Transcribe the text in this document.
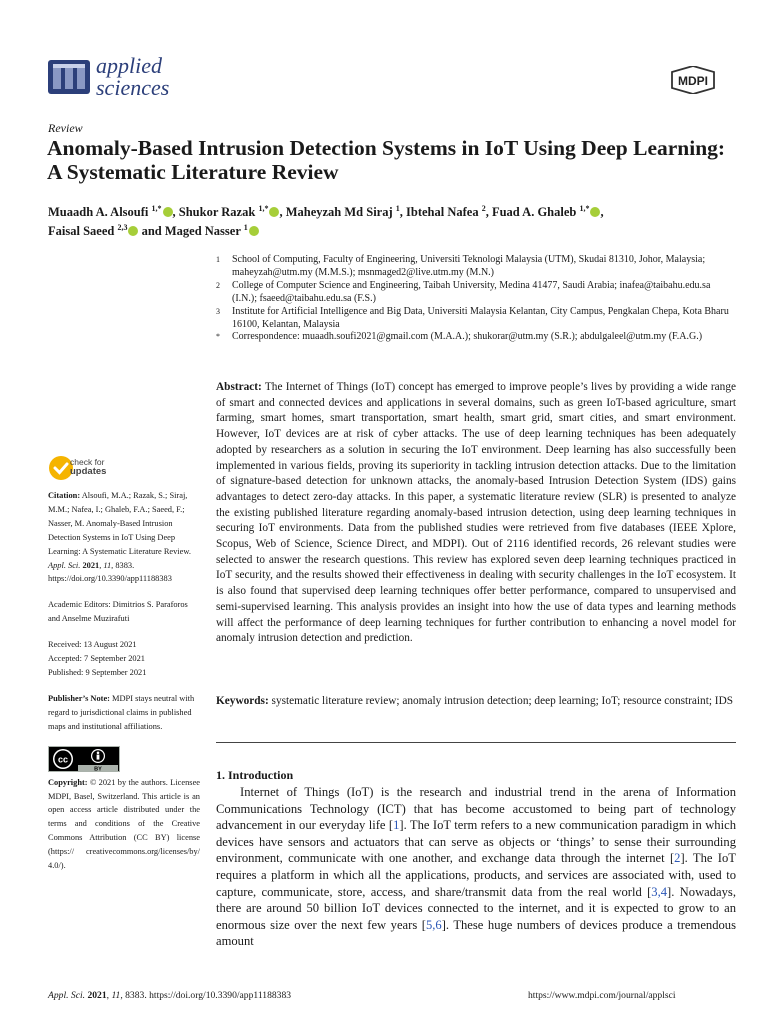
applied
sciences	MDPI
Review
Anomaly-Based Intrusion Detection Systems in IoT Using Deep Learning: A Systematic Literature Review
Muaadh A. Alsoufi $^{1,*}$ , Shukor Razak $^{1,*}$ , Maheyzah Md Siraj $^1$, Ibtehal Nafea $^2$, Fuad A. Ghaleb $^{1,*}$ ,
Faisal Saeed $^{2,3}$ and Maged Nasser $^1$
1	School of Computing, Faculty of Engineering, Universiti Teknologi Malaysia (UTM), Skudai 81310, Johor, Malaysia; maheyzah@utm.my (M.M.S.); msnmaged2@live.utm.my (M.N.)
2	College of Computer Science and Engineering, Taibah University, Medina 41477, Saudi Arabia; inafea@taibahu.edu.sa (I.N.); fsaeed@taibahu.edu.sa (F.S.)
3	Institute for Artificial Intelligence and Big Data, Universiti Malaysia Kelantan, City Campus, Pengkalan Chepa, Kota Bharu 16100, Kelantan, Malaysia
*	Correspondence: muaadh.soufi2021@gmail.com (M.A.A.); shukorar@utm.my (S.R.); abdulgaleel@utm.my (F.A.G.)
check for
updates

Citation: Alsoufi, M.A.; Razak, S.; Siraj, M.M.; Nafea, I.; Ghaleb, F.A.; Saeed, F.; Nasser, M. Anomaly-Based Intrusion Detection Systems in IoT Using Deep Learning: A Systematic Literature Review. Appl. Sci. 2021, 11, 8383. https://doi.org/10.3390/app11188383

Academic Editors: Dimitrios S. Paraforos and Anselme Muzirafuti

Received: 13 August 2021

Accepted: 7 September 2021

Published: 9 September 2021

Publisher’s Note: MDPI stays neutral with regard to jurisdictional claims in published maps and institutional affiliations.

cc
BY

Copyright: © 2021 by the authors. Licensee MDPI, Basel, Switzerland. This article is an open access article distributed under the terms and conditions of the Creative Commons Attribution (CC BY) license (https:// creativecommons.org/licenses/by/ 4.0/).

Abstract: The Internet of Things (IoT) concept has emerged to improve people’s lives by providing a wide range of smart and connected devices and applications in several domains, such as green IoT-based agriculture, smart farming, smart homes, smart transportation, smart health, smart grid, smart cities, and smart environment. However, IoT devices are at risk of cyber attacks. The use of deep learning techniques has been adequately adopted by researchers as a solution in securing the IoT environment. Deep learning has also successfully been implemented in various fields, proving its superiority in tackling intrusion detection attacks. Due to the limitation of signature-based detection for unknown attacks, the anomaly-based Intrusion Detection System (IDS) gains advantages to detect zero-day attacks. In this paper, a systematic literature review (SLR) is presented to analyze the existing published literature regarding anomaly-based intrusion detection, using deep learning techniques in securing IoT environments. Data from the published studies were retrieved from five databases (IEEE Xplore, Scopus, Web of Science, Science Direct, and MDPI). Out of 2116 identified records, 26 relevant studies were selected to answer the research questions. This review has explored seven deep learning techniques practiced in IoT security, and the results showed their effectiveness in dealing with security challenges in the IoT ecosystem. It is also found that supervised deep learning techniques offer better performance, compared to unsupervised and semi-supervised learning. This analysis provides an insight into how the use of data types and learning methods will affect the performance of deep learning techniques for further contribution to enhancing a novel model for anomaly intrusion detection and prediction.
Keywords: systematic literature review; anomaly intrusion detection; deep learning; IoT; resource constraint; IDS
1. Introduction
Internet of Things (IoT) is the research and industrial trend in the arena of Information Communications Technology (ICT) that has become accustomed to being part of technology advancement in our everyday life [1]. The IoT term refers to a new communication paradigm in which devices have sensors and actuators that can serve as objects or ‘things’ to sense their surrounding environment, communicate with one another, and exchange data through the internet [2]. The IoT requires a platform in which all the applications, products, and services are associated with, used to capture, communicate, store, access, and share/transmit data from the real world [3,4]. Nowadays, there are around 50 billion IoT devices connected to the internet, and it is expected to grow to an enormous size over the next few years [5,6]. These huge numbers of devices produce a tremendous amount
Appl. Sci. 2021, 11, 8383. https://doi.org/10.3390/app11188383	https://www.mdpi.com/journal/applsci
